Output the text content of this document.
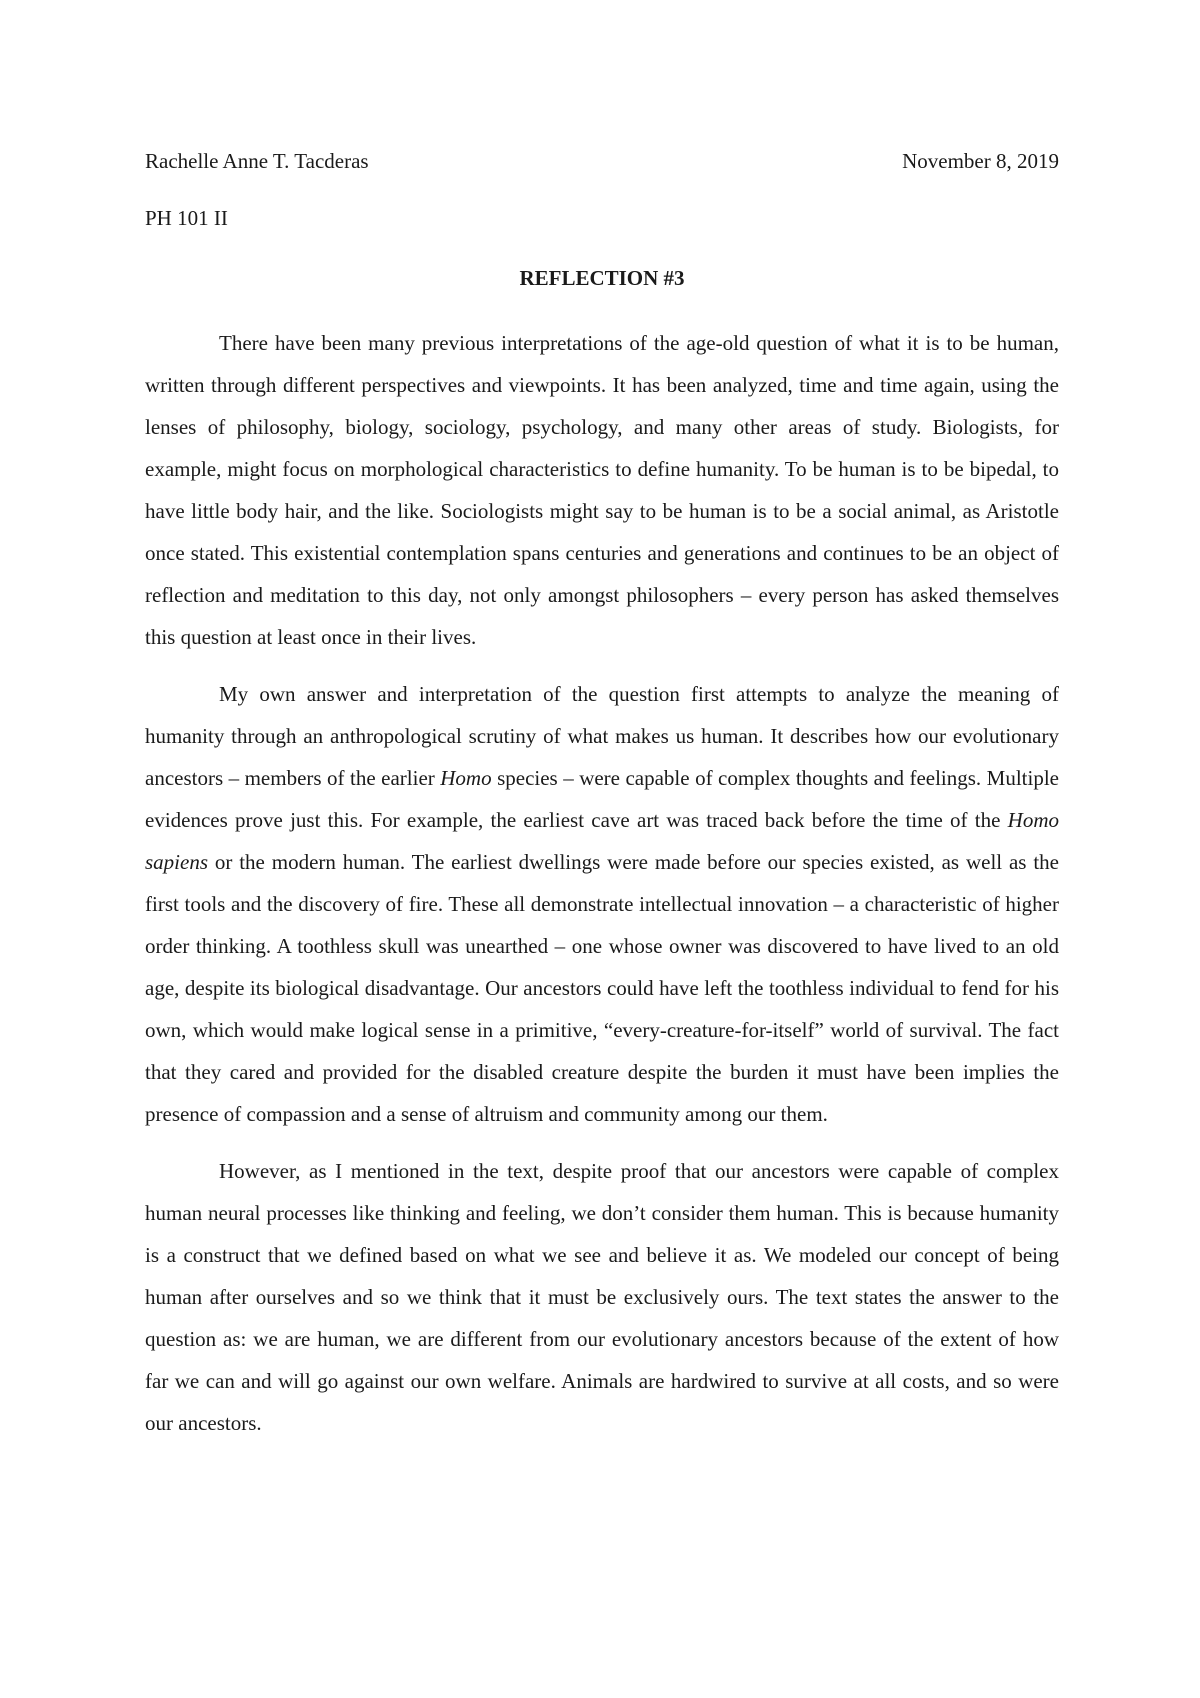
Rachelle Anne T. Tacderas	November 8, 2019
PH 101 II
REFLECTION #3

There have been many previous interpretations of the age-old question of what it is to be human, written through different perspectives and viewpoints. It has been analyzed, time and time again, using the lenses of philosophy, biology, sociology, psychology, and many other areas of study. Biologists, for example, might focus on morphological characteristics to define humanity. To be human is to be bipedal, to have little body hair, and the like. Sociologists might say to be human is to be a social animal, as Aristotle once stated. This existential contemplation spans centuries and generations and continues to be an object of reflection and meditation to this day, not only amongst philosophers – every person has asked themselves this question at least once in their lives.

My own answer and interpretation of the question first attempts to analyze the meaning of humanity through an anthropological scrutiny of what makes us human. It describes how our evolutionary ancestors – members of the earlier Homo species – were capable of complex thoughts and feelings. Multiple evidences prove just this. For example, the earliest cave art was traced back before the time of the Homo sapiens or the modern human. The earliest dwellings were made before our species existed, as well as the first tools and the discovery of fire. These all demonstrate intellectual innovation – a characteristic of higher order thinking. A toothless skull was unearthed – one whose owner was discovered to have lived to an old age, despite its biological disadvantage. Our ancestors could have left the toothless individual to fend for his own, which would make logical sense in a primitive, “every-creature-for-itself” world of survival. The fact that they cared and provided for the disabled creature despite the burden it must have been implies the presence of compassion and a sense of altruism and community among our them.

However, as I mentioned in the text, despite proof that our ancestors were capable of complex human neural processes like thinking and feeling, we don’t consider them human. This is because humanity is a construct that we defined based on what we see and believe it as. We modeled our concept of being human after ourselves and so we think that it must be exclusively ours. The text states the answer to the question as: we are human, we are different from our evolutionary ancestors because of the extent of how far we can and will go against our own welfare. Animals are hardwired to survive at all costs, and so were our ancestors.
